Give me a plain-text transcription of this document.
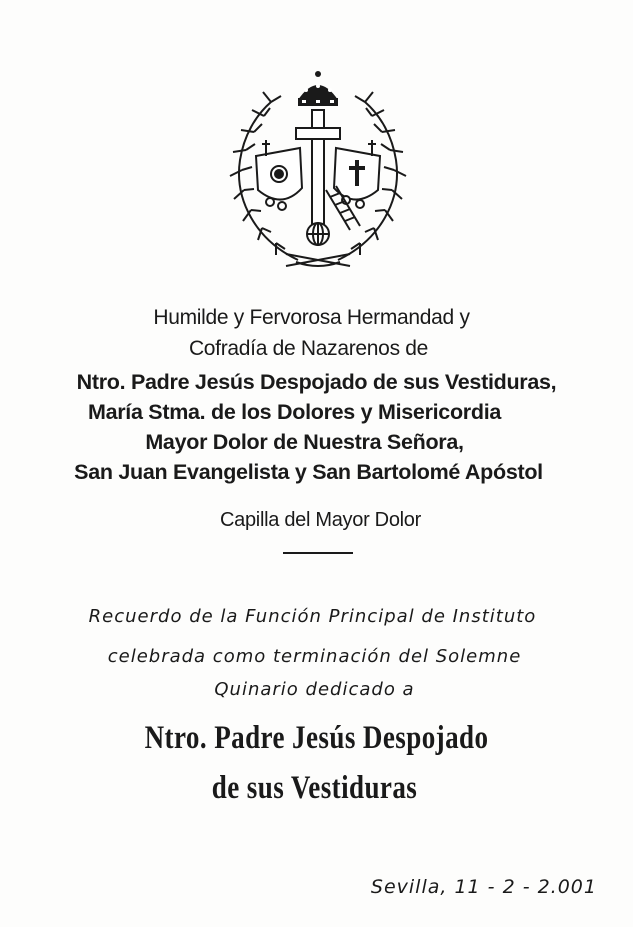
Humilde y Fervorosa Hermandad y
Cofradía de Nazarenos de
Ntro. Padre Jesús Despojado de sus Vestiduras,
María Stma. de los Dolores y Misericordia
Mayor Dolor de Nuestra Señora,
San Juan Evangelista y San Bartolomé Apóstol
Capilla del Mayor Dolor
Recuerdo de la Función Principal de Instituto
celebrada como terminación del Solemne
Quinario dedicado a
Ntro. Padre Jesús Despojado
de sus Vestiduras
Sevilla, 11 - 2 - 2.001
